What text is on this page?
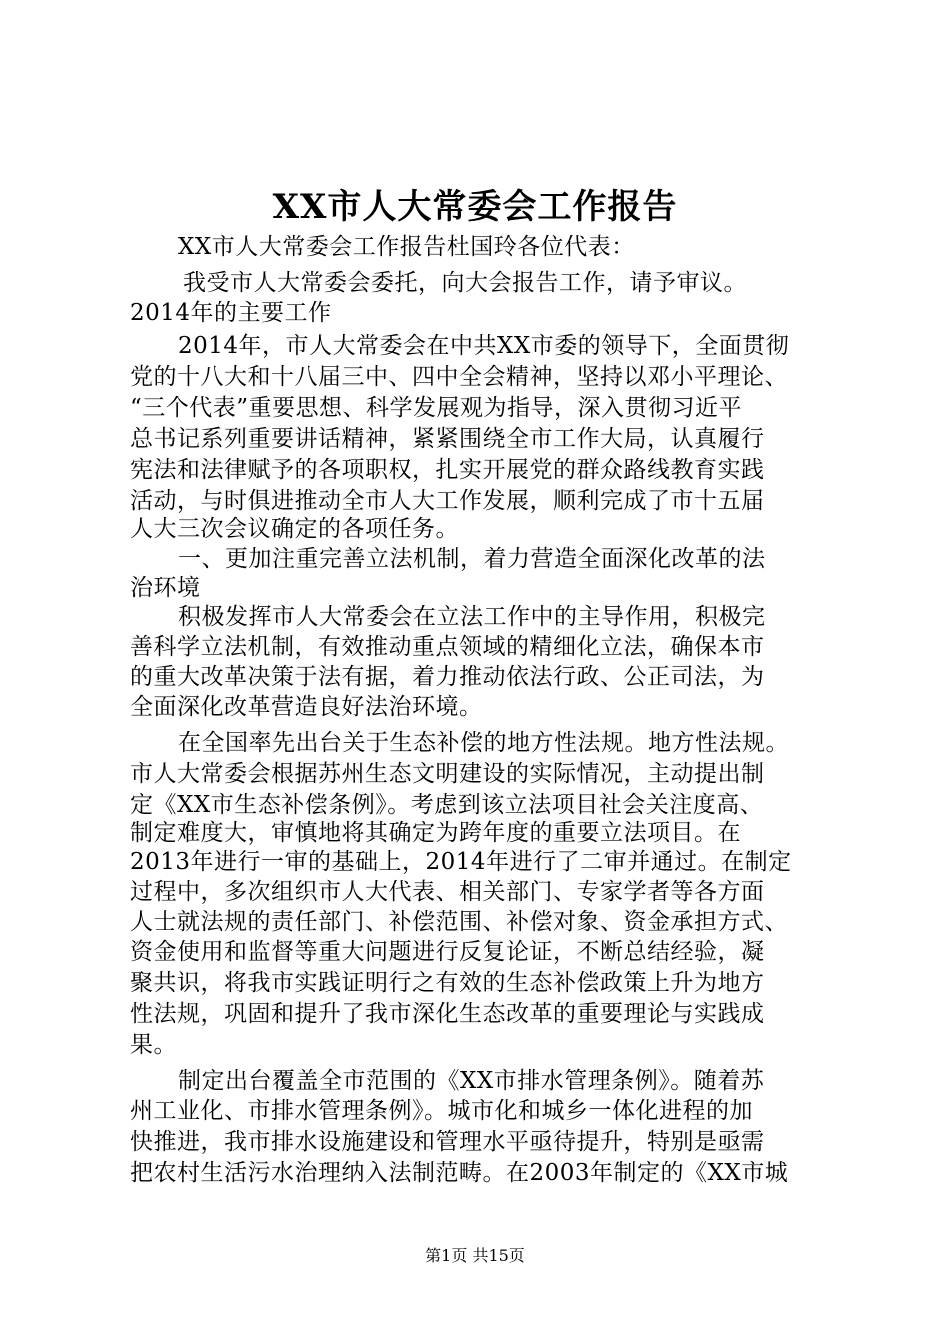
XX市人大常委会工作报告
XX市人大常委会工作报告杜国玲各位代表：
我受市人大常委会委托，向大会报告工作，请予审议。
2014年的主要工作
2014年，市人大常委会在中共XX市委的领导下，全面贯彻
党的十八大和十八届三中、四中全会精神，坚持以邓小平理论、
“三个代表”重要思想、科学发展观为指导，深入贯彻习近平
总书记系列重要讲话精神，紧紧围绕全市工作大局，认真履行
宪法和法律赋予的各项职权，扎实开展党的群众路线教育实践
活动，与时俱进推动全市人大工作发展，顺利完成了市十五届
人大三次会议确定的各项任务。
一、更加注重完善立法机制，着力营造全面深化改革的法
治环境
积极发挥市人大常委会在立法工作中的主导作用，积极完
善科学立法机制，有效推动重点领域的精细化立法，确保本市
的重大改革决策于法有据，着力推动依法行政、公正司法，为
全面深化改革营造良好法治环境。
在全国率先出台关于生态补偿的地方性法规。地方性法规。
市人大常委会根据苏州生态文明建设的实际情况，主动提出制
定《XX市生态补偿条例》。考虑到该立法项目社会关注度高、
制定难度大，审慎地将其确定为跨年度的重要立法项目。在
2013年进行一审的基础上，2014年进行了二审并通过。在制定
过程中，多次组织市人大代表、相关部门、专家学者等各方面
人士就法规的责任部门、补偿范围、补偿对象、资金承担方式、
资金使用和监督等重大问题进行反复论证，不断总结经验，凝
聚共识，将我市实践证明行之有效的生态补偿政策上升为地方
性法规，巩固和提升了我市深化生态改革的重要理论与实践成
果。
制定出台覆盖全市范围的《XX市排水管理条例》。随着苏
州工业化、市排水管理条例》。城市化和城乡一体化进程的加
快推进，我市排水设施建设和管理水平亟待提升，特别是亟需
把农村生活污水治理纳入法制范畴。在2003年制定的《XX市城
第1页 共15页
